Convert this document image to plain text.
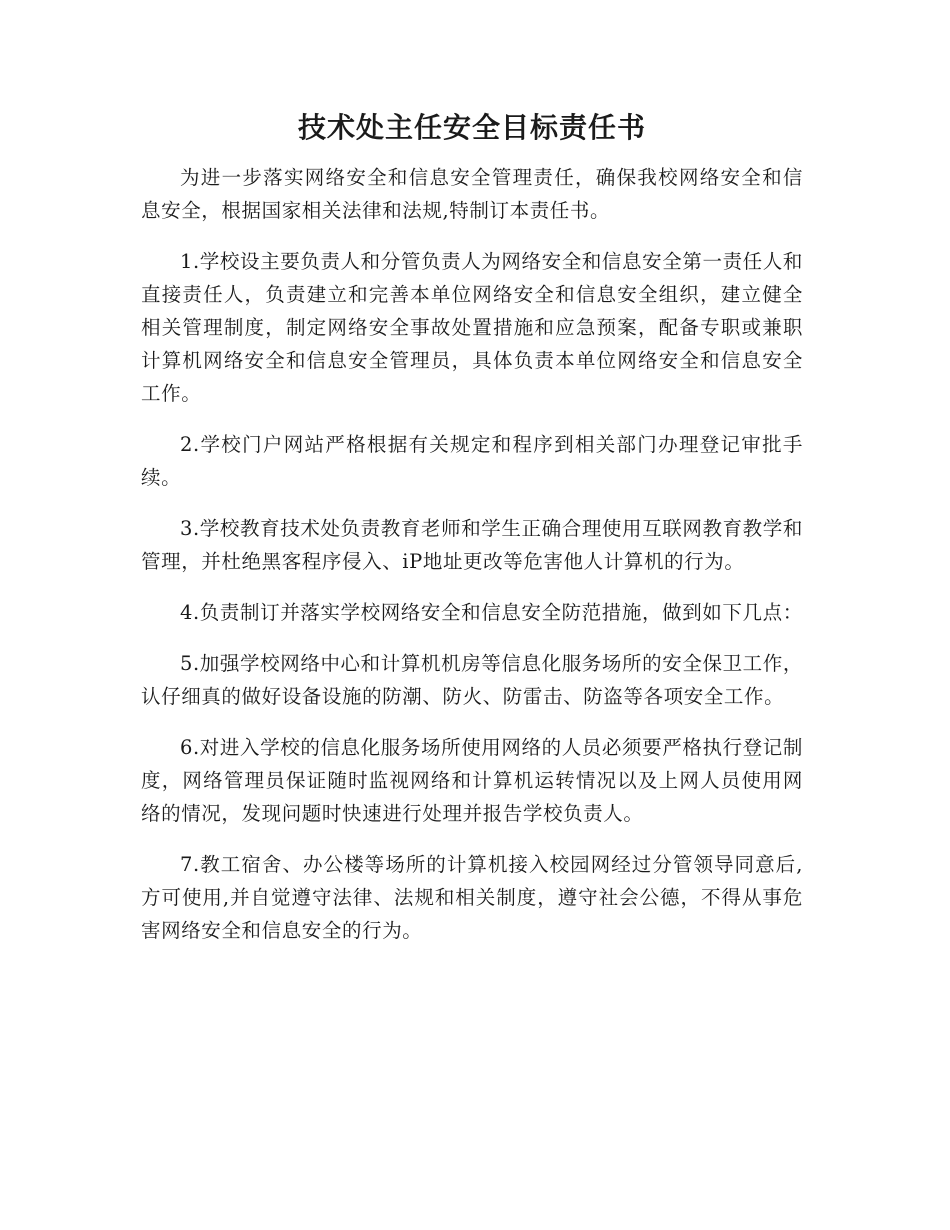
技术处主任安全目标责任书

为进一步落实网络安全和信息安全管理责任，确保我校网络安全和信息安全，根据国家相关法律和法规,特制订本责任书。

1.学校设主要负责人和分管负责人为网络安全和信息安全第一责任人和直接责任人，负责建立和完善本单位网络安全和信息安全组织，建立健全相关管理制度，制定网络安全事故处置措施和应急预案，配备专职或兼职计算机网络安全和信息安全管理员，具体负责本单位网络安全和信息安全工作。

2.学校门户网站严格根据有关规定和程序到相关部门办理登记审批手续。

3.学校教育技术处负责教育老师和学生正确合理使用互联网教育教学和管理，并杜绝黑客程序侵入、iP地址更改等危害他人计算机的行为。

4.负责制订并落实学校网络安全和信息安全防范措施，做到如下几点：

5.加强学校网络中心和计算机机房等信息化服务场所的安全保卫工作，认仔细真的做好设备设施的防潮、防火、防雷击、防盗等各项安全工作。

6.对进入学校的信息化服务场所使用网络的人员必须要严格执行登记制度，网络管理员保证随时监视网络和计算机运转情况以及上网人员使用网络的情况，发现问题时快速进行处理并报告学校负责人。

7.教工宿舍、办公楼等场所的计算机接入校园网经过分管领导同意后,方可使用,并自觉遵守法律、法规和相关制度，遵守社会公德，不得从事危害网络安全和信息安全的行为。
